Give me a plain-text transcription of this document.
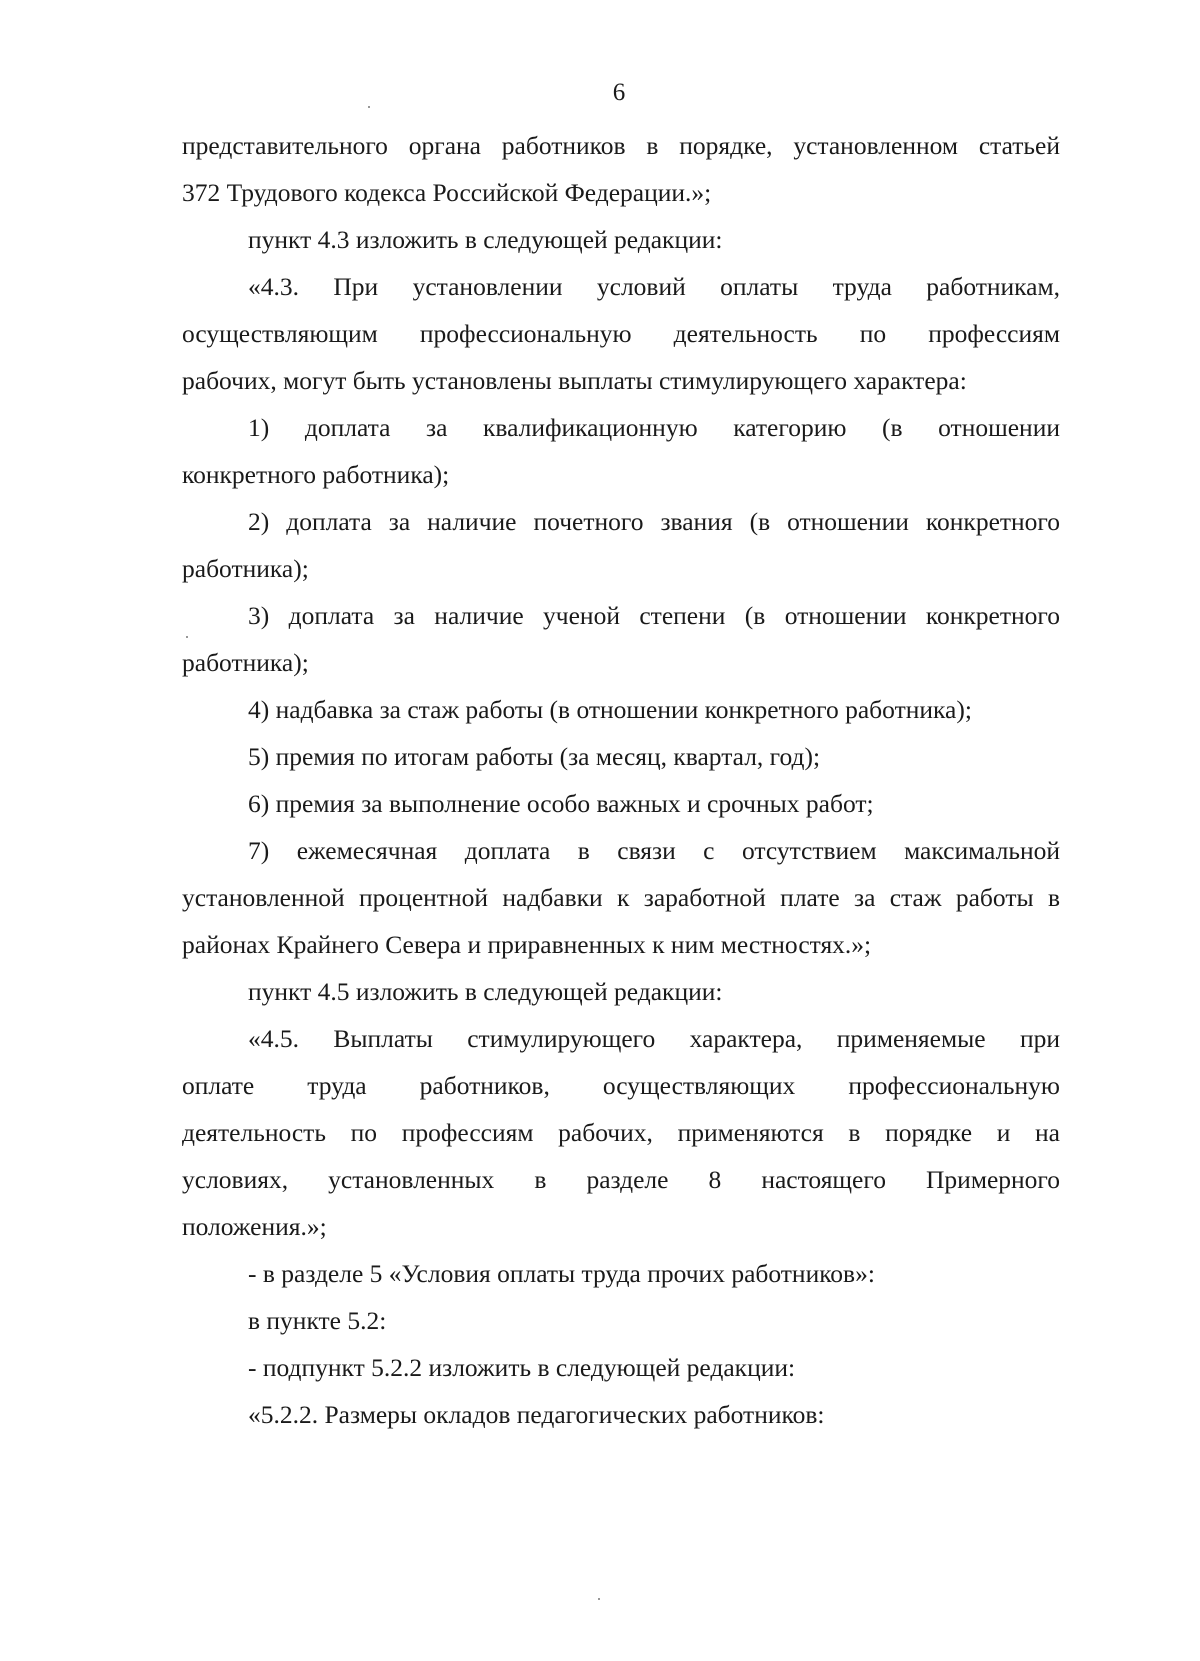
6
представительного органа работников в порядке, установленном статьей
372 Трудового кодекса Российской Федерации.»;
пункт 4.3 изложить в следующей редакции:
«4.3. При установлении условий оплаты труда работникам,
осуществляющим профессиональную деятельность по профессиям
рабочих, могут быть установлены выплаты стимулирующего характера:
1) доплата за квалификационную категорию (в отношении
конкретного работника);
2) доплата за наличие почетного звания (в отношении конкретного
работника);
3) доплата за наличие ученой степени (в отношении конкретного
работника);
4) надбавка за стаж работы (в отношении конкретного работника);
5) премия по итогам работы (за месяц, квартал, год);
6) премия за выполнение особо важных и срочных работ;
7) ежемесячная доплата в связи с отсутствием максимальной
установленной процентной надбавки к заработной плате за стаж работы в
районах Крайнего Севера и приравненных к ним местностях.»;
пункт 4.5 изложить в следующей редакции:
«4.5. Выплаты стимулирующего характера, применяемые при
оплате труда работников, осуществляющих профессиональную
деятельность по профессиям рабочих, применяются в порядке и на
условиях, установленных в разделе 8 настоящего Примерного
положения.»;
- в разделе 5 «Условия оплаты труда прочих работников»:
в пункте 5.2:
- подпункт 5.2.2 изложить в следующей редакции:
«5.2.2. Размеры окладов педагогических работников:
